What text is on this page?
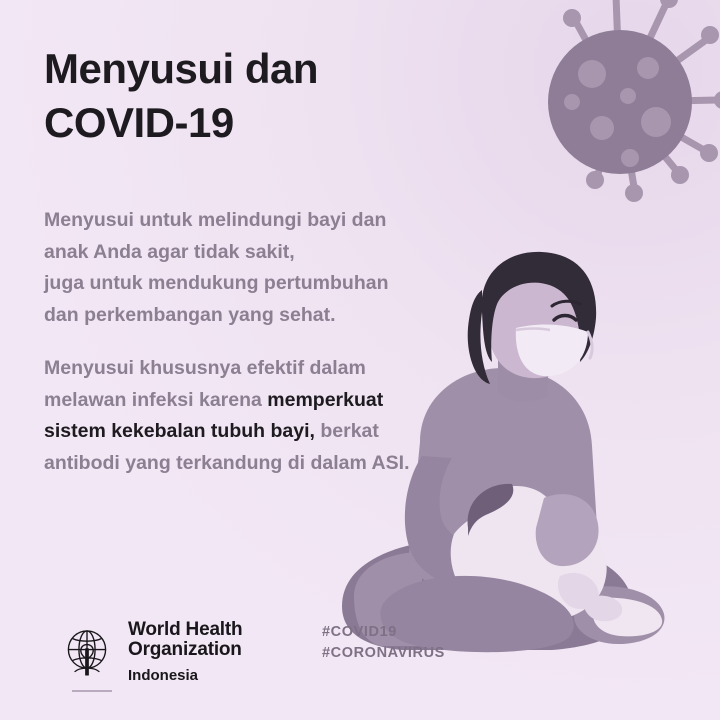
Menyusui dan
COVID-19
Menyusui untuk melindungi bayi dan
anak Anda agar tidak sakit,
juga untuk mendukung pertumbuhan
dan perkembangan yang sehat.
Menyusui khususnya efektif dalam
melawan infeksi karena memperkuat
sistem kekebalan tubuh bayi, berkat
antibodi yang terkandung di dalam ASI.
World Health
Organization
Indonesia
#COVID19
#CORONAVIRUS
